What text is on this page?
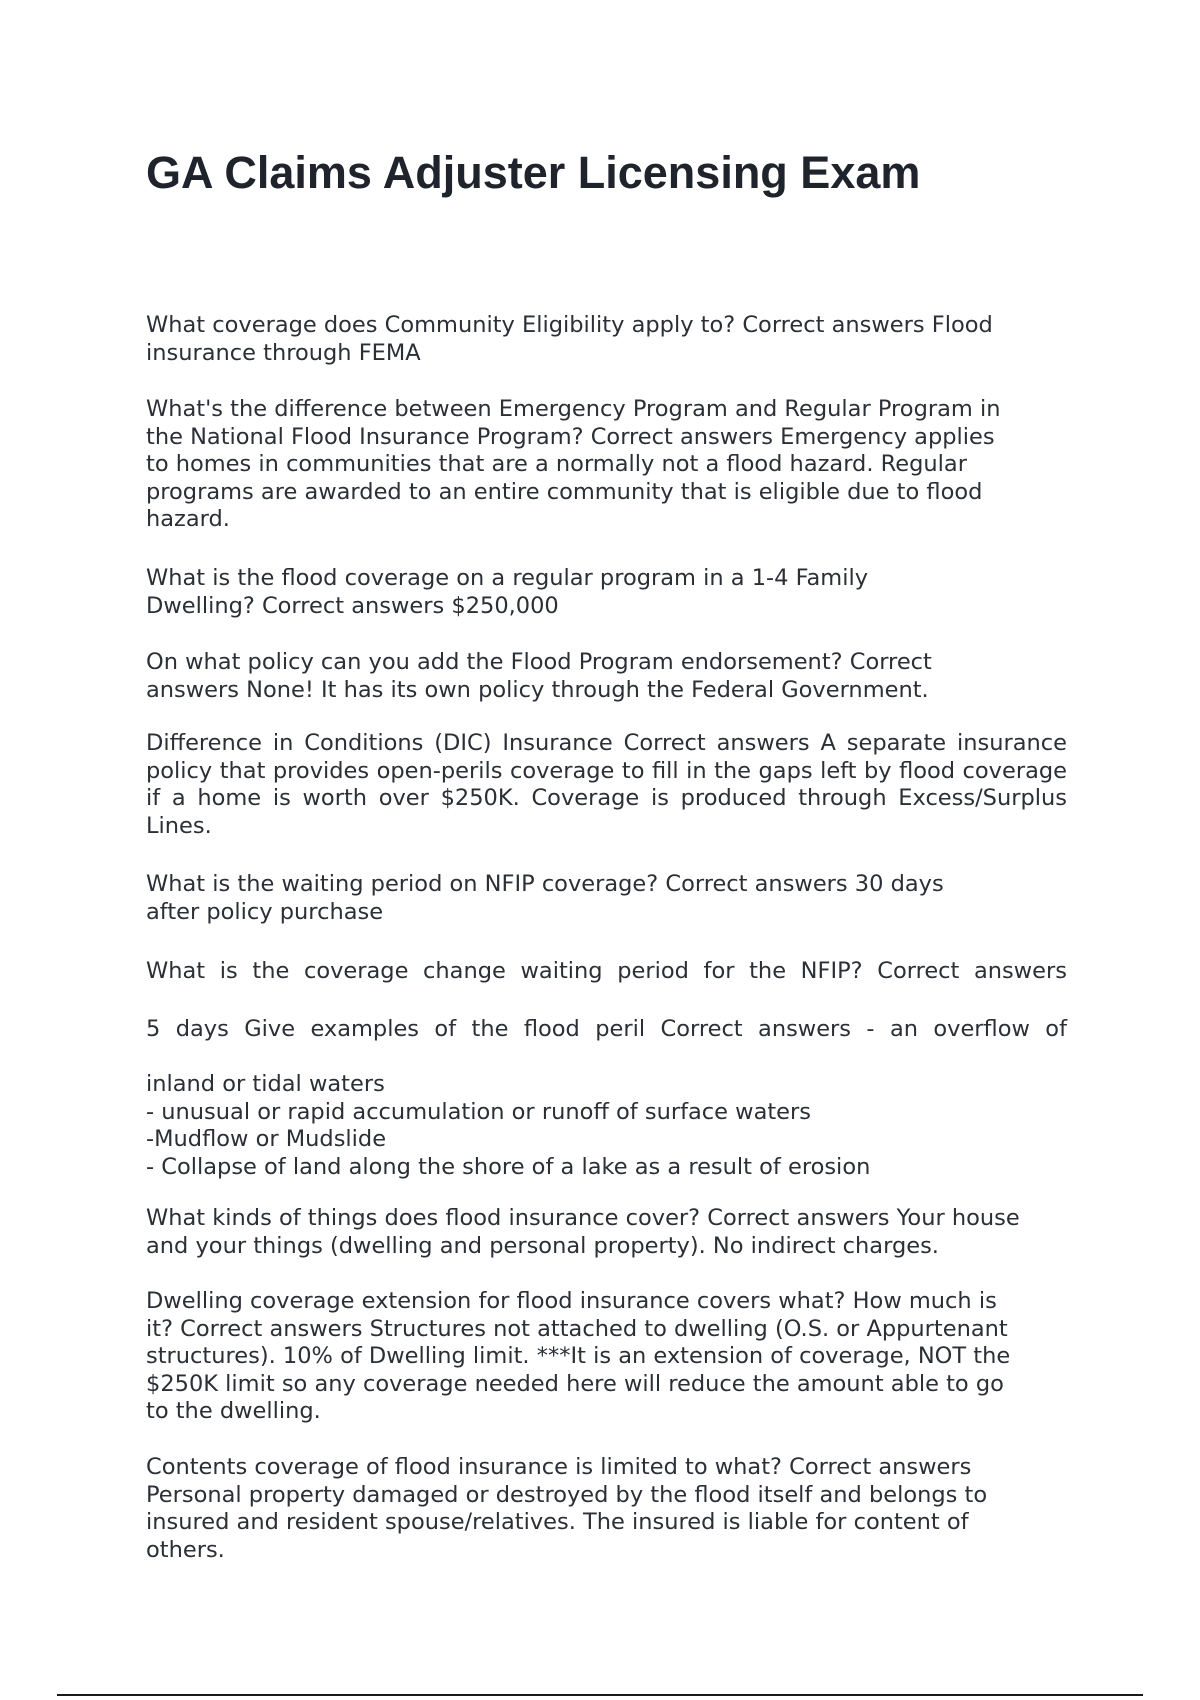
GA Claims Adjuster Licensing Exam

What coverage does Community Eligibility apply to? Correct answers Flood
insurance through FEMA

What's the difference between Emergency Program and Regular Program in
the National Flood Insurance Program? Correct answers Emergency applies
to homes in communities that are a normally not a flood hazard. Regular
programs are awarded to an entire community that is eligible due to flood
hazard.

What is the flood coverage on a regular program in a 1-4 Family
Dwelling? Correct answers $250,000

On what policy can you add the Flood Program endorsement? Correct
answers None! It has its own policy through the Federal Government.

Difference in Conditions (DIC) Insurance Correct answers A separate insurance policy that provides open-perils coverage to fill in the gaps left by flood coverage if a home is worth over $250K. Coverage is produced through Excess/Surplus Lines.

What is the waiting period on NFIP coverage? Correct answers 30 days
after policy purchase

What is the coverage change waiting period for the NFIP? Correct answers

5 days Give examples of the flood peril Correct answers - an overflow of

inland or tidal waters
- unusual or rapid accumulation or runoff of surface waters
-Mudflow or Mudslide
- Collapse of land along the shore of a lake as a result of erosion

What kinds of things does flood insurance cover? Correct answers Your house
and your things (dwelling and personal property). No indirect charges.

Dwelling coverage extension for flood insurance covers what? How much is
it? Correct answers Structures not attached to dwelling (O.S. or Appurtenant
structures). 10% of Dwelling limit. ***It is an extension of coverage, NOT the
$250K limit so any coverage needed here will reduce the amount able to go
to the dwelling.

Contents coverage of flood insurance is limited to what? Correct answers
Personal property damaged or destroyed by the flood itself and belongs to
insured and resident spouse/relatives. The insured is liable for content of
others.
